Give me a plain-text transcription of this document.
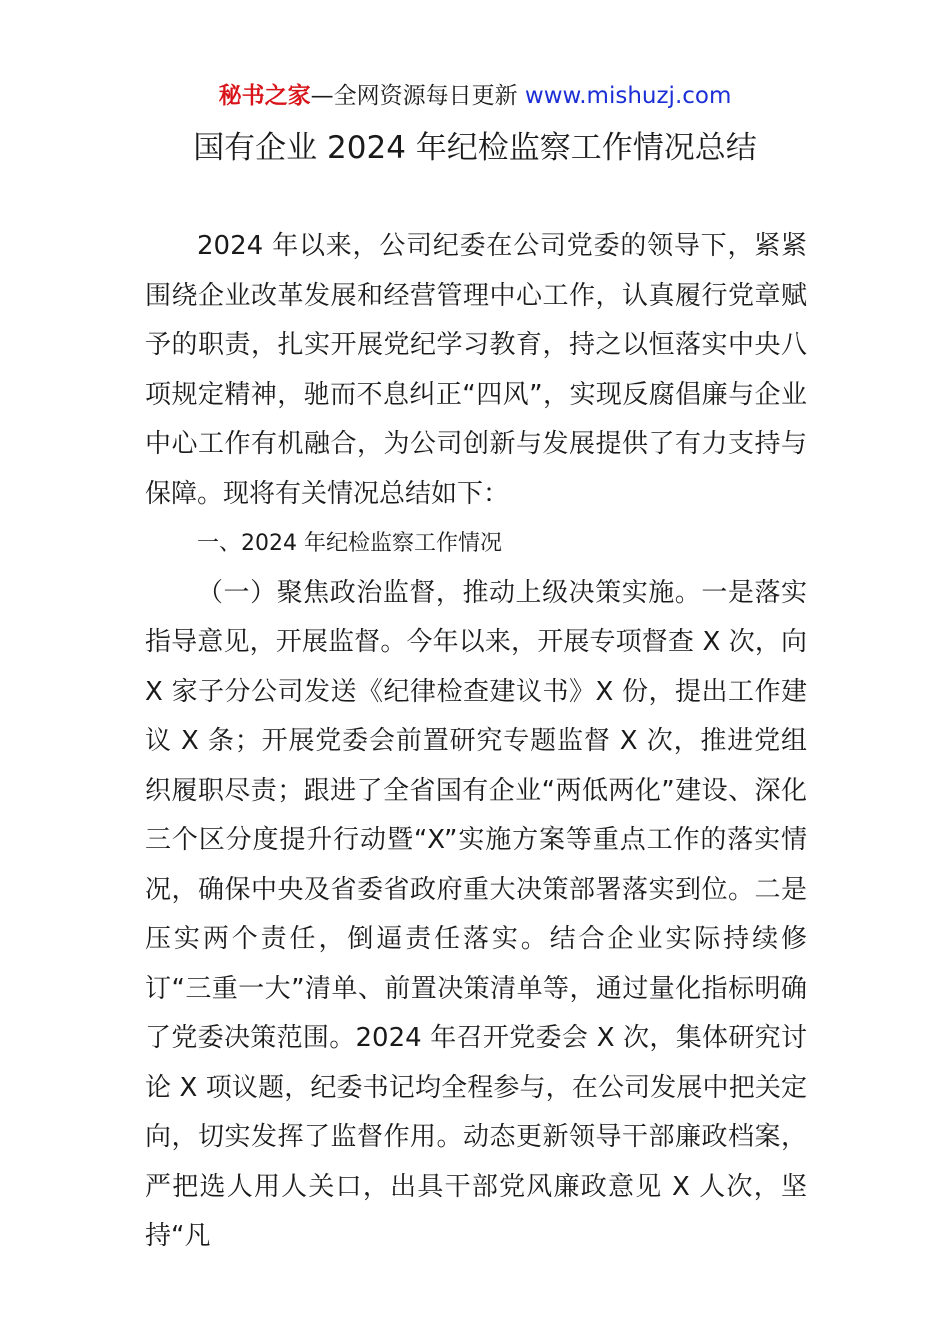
秘书之家—全网资源每日更新 www.mishuzj.com
国有企业 2024 年纪检监察工作情况总结

2024 年以来，公司纪委在公司党委的领导下，紧紧围绕企业改革发展和经营管理中心工作，认真履行党章赋予的职责，扎实开展党纪学习教育，持之以恒落实中央八项规定精神，驰而不息纠正“四风”，实现反腐倡廉与企业中心工作有机融合，为公司创新与发展提供了有力支持与保障。现将有关情况总结如下：

一、2024 年纪检监察工作情况

（一）聚焦政治监督，推动上级决策实施。一是落实指导意见，开展监督。今年以来，开展专项督查 X 次，向 X 家子分公司发送《纪律检查建议书》X 份，提出工作建议 X 条；开展党委会前置研究专题监督 X 次，推进党组织履职尽责；跟进了全省国有企业“两低两化”建设、深化三个区分度提升行动暨“X”实施方案等重点工作的落实情况，确保中央及省委省政府重大决策部署落实到位。二是压实两个责任，倒逼责任落实。结合企业实际持续修订“三重一大”清单、前置决策清单等，通过量化指标明确了党委决策范围。2024 年召开党委会 X 次，集体研究讨论 X 项议题，纪委书记均全程参与，在公司发展中把关定向，切实发挥了监督作用。动态更新领导干部廉政档案，严把选人用人关口，出具干部党风廉政意见 X 人次，坚持“凡
